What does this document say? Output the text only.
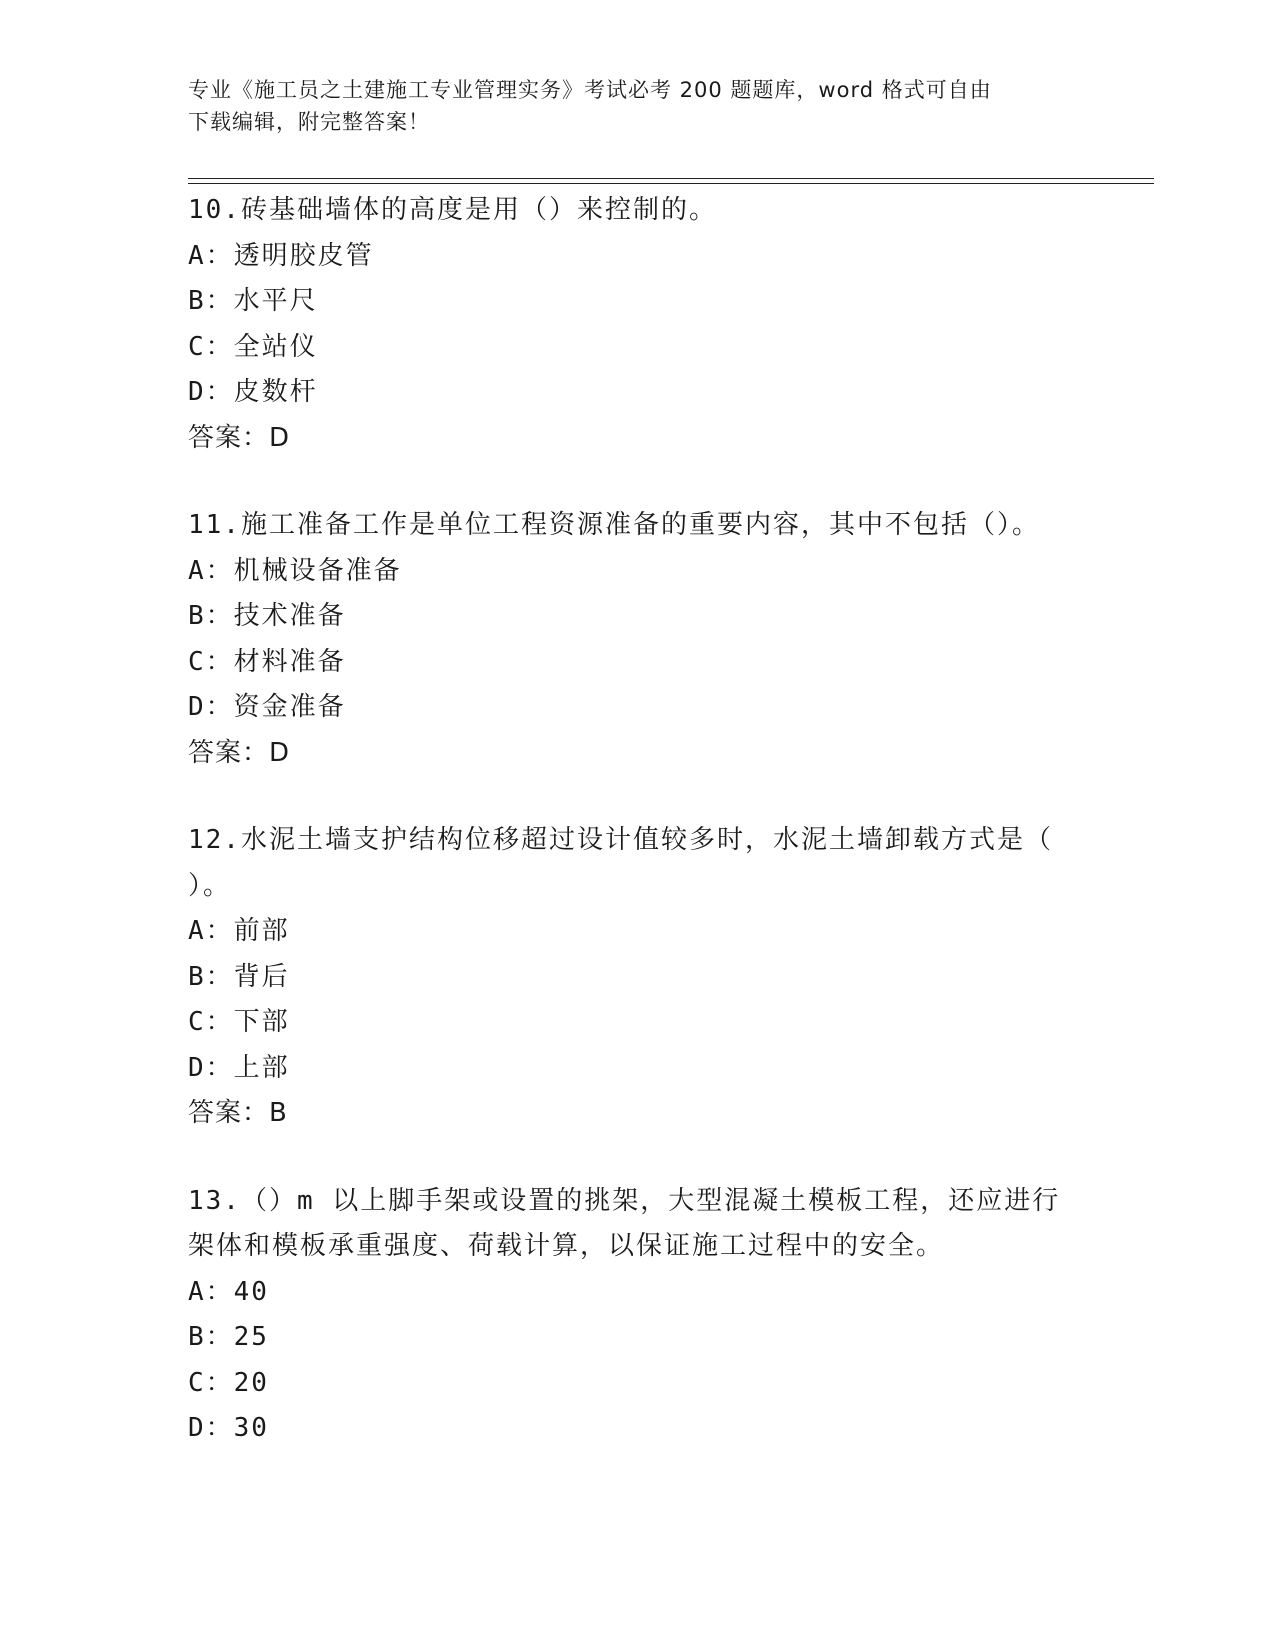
专业《施工员之土建施工专业管理实务》考试必考 200 题题库，word 格式可自由
下载编辑，附完整答案！
10.砖基础墙体的高度是用（）来控制的。
A：透明胶皮管
B：水平尺
C：全站仪
D：皮数杆
答案：D
11.施工准备工作是单位工程资源准备的重要内容，其中不包括（）。
A：机械设备准备
B：技术准备
C：材料准备
D：资金准备
答案：D
12.水泥土墙支护结构位移超过设计值较多时，水泥土墙卸载方式是（
）。
A：前部
B：背后
C：下部
D：上部
答案：B
13.（）m 以上脚手架或设置的挑架，大型混凝土模板工程，还应进行
架体和模板承重强度、荷载计算，以保证施工过程中的安全。
A：40
B：25
C：20
D：30
